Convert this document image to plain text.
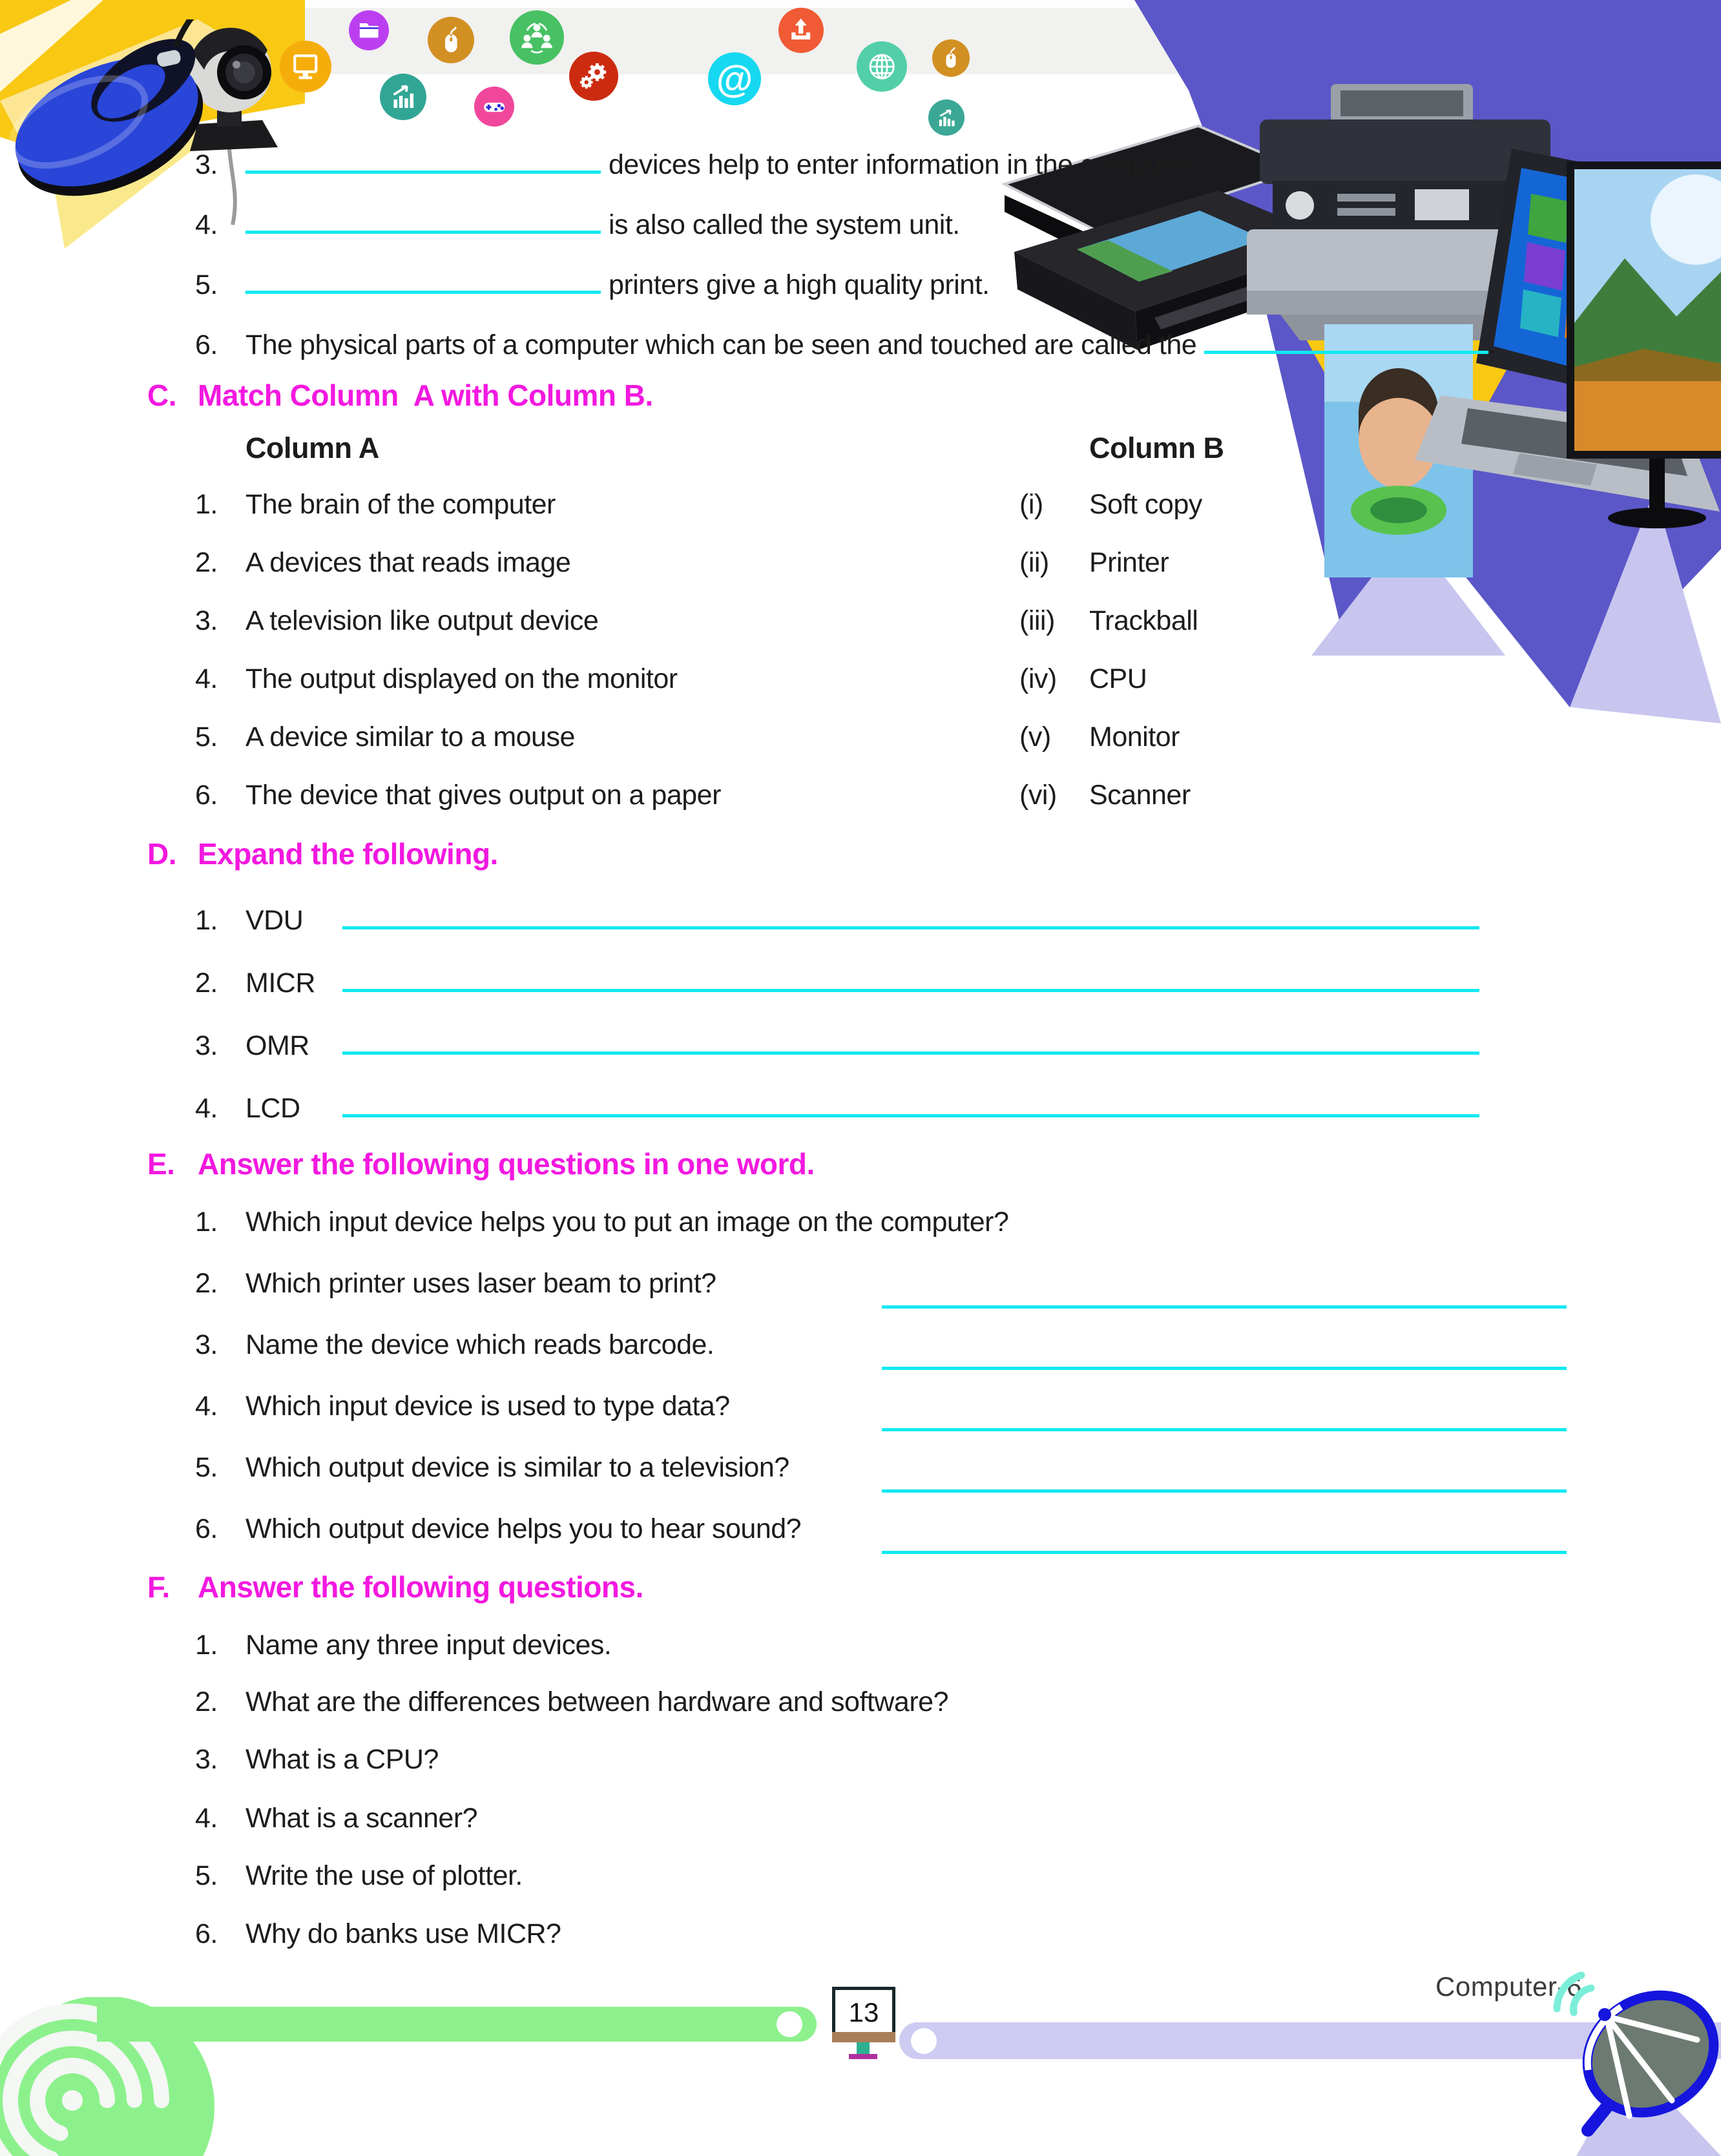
@
3.	devices help to enter information in the computer.
4.	is also called the system unit.
5.	printers give a high quality print.
6.	The physical parts of a computer which can be seen and touched are called the	.
C. Match Column  A with Column B.
Column A	Column B
1.	The brain of the computer	(i)	Soft copy
2.	A devices that reads image	(ii)	Printer
3.	A television like output device	(iii)	Trackball
4.	The output displayed on the monitor	(iv)	CPU
5.	A device similar to a mouse	(v)	Monitor
6.	The device that gives output on a paper	(vi)	Scanner
D. Expand the following.
1.	VDU
2.	MICR
3.	OMR
4.	LCD
E. Answer the following questions in one word.
1.	Which input device helps you to put an image on the computer?
2.	Which printer uses laser beam to print?
3.	Name the device which reads barcode.
4.	Which input device is used to type data?
5.	Which output device is similar to a television?
6.	Which output device helps you to hear sound?
F. Answer the following questions.
1.	Name any three input devices.
2.	What are the differences between hardware and software?
3.	What is a CPU?
4.	What is a scanner?
5.	Write the use of plotter.
6.	Why do banks use MICR?
13
Computer-6
